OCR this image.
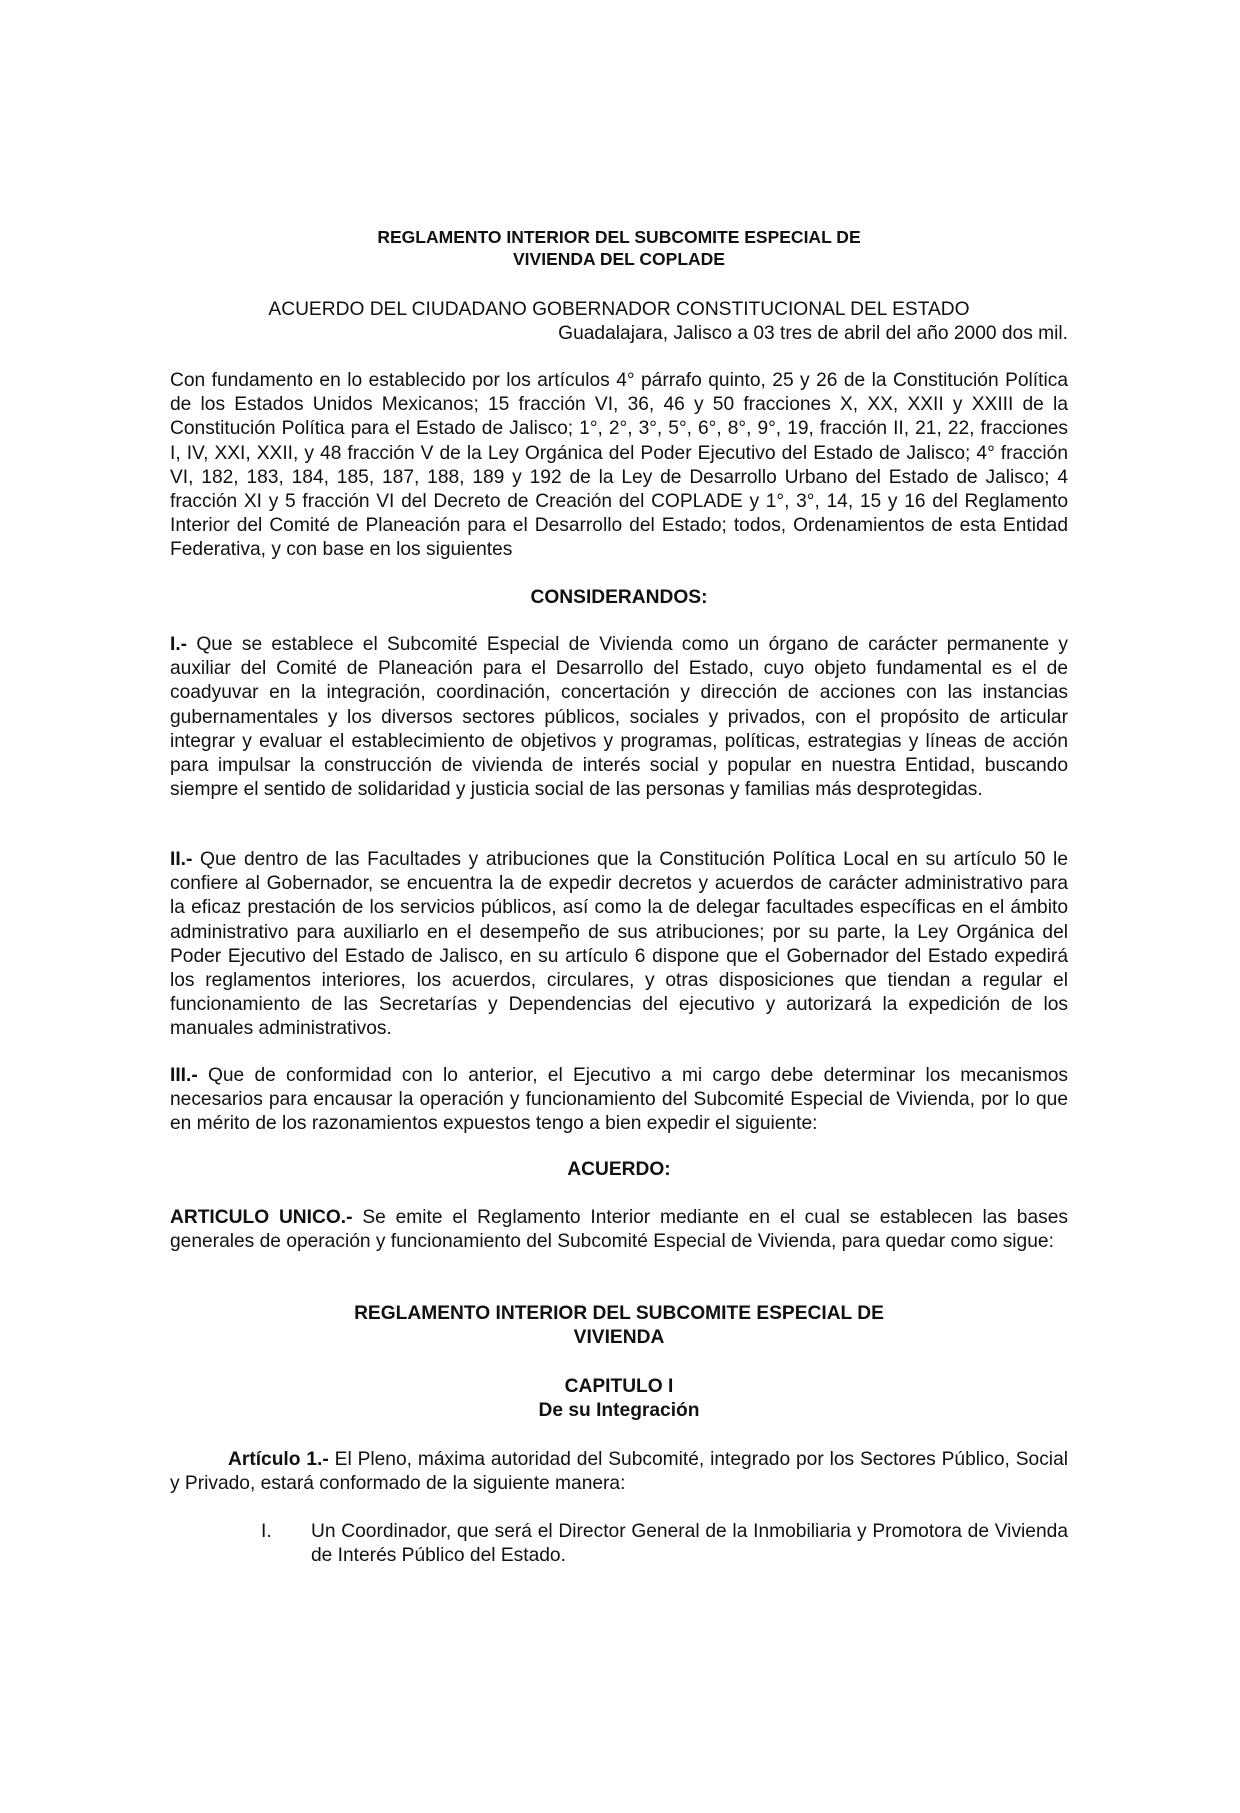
REGLAMENTO INTERIOR DEL SUBCOMITE ESPECIAL DE
VIVIENDA DEL COPLADE
ACUERDO DEL CIUDADANO GOBERNADOR CONSTITUCIONAL DEL ESTADO
Guadalajara, Jalisco a 03 tres de abril del año 2000 dos mil.
Con fundamento en lo establecido por los artículos 4° párrafo quinto, 25 y 26 de la Constitución Política de los Estados Unidos Mexicanos; 15 fracción VI, 36, 46 y 50 fracciones X, XX, XXII y XXIII de la Constitución Política para el Estado de Jalisco; 1°, 2°, 3°, 5°, 6°, 8°, 9°, 19, fracción II, 21, 22, fracciones I, IV, XXI, XXII, y 48 fracción V de la Ley Orgánica del Poder Ejecutivo del Estado de Jalisco; 4° fracción VI, 182, 183, 184, 185, 187, 188, 189 y 192 de la Ley de Desarrollo Urbano del Estado de Jalisco; 4 fracción XI y 5 fracción VI del Decreto de Creación del COPLADE y 1°, 3°, 14, 15 y 16 del Reglamento Interior del Comité de Planeación para el Desarrollo del Estado; todos, Ordenamientos de esta Entidad Federativa, y con base en los siguientes
CONSIDERANDOS:
I.- Que se establece el Subcomité Especial de Vivienda como un órgano de carácter permanente y auxiliar del Comité de Planeación para el Desarrollo del Estado, cuyo objeto fundamental es el de coadyuvar en la integración, coordinación, concertación y dirección de acciones con las instancias gubernamentales y los diversos sectores públicos, sociales y privados, con el propósito de articular integrar y evaluar el establecimiento de objetivos y programas, políticas, estrategias y líneas de acción para impulsar la construcción de vivienda de interés social y popular en nuestra Entidad, buscando siempre el sentido de solidaridad y justicia social de las personas y familias más desprotegidas.
II.- Que dentro de las Facultades y atribuciones que la Constitución Política Local en su artículo 50 le confiere al Gobernador, se encuentra la de expedir decretos y acuerdos de carácter administrativo para la eficaz prestación de los servicios públicos, así como la de delegar facultades específicas en el ámbito administrativo para auxiliarlo en el desempeño de sus atribuciones; por su parte, la Ley Orgánica del Poder Ejecutivo del Estado de Jalisco, en su artículo 6 dispone que el Gobernador del Estado expedirá los reglamentos interiores, los acuerdos, circulares, y otras disposiciones que tiendan a regular el funcionamiento de las Secretarías y Dependencias del ejecutivo y autorizará la expedición de los manuales administrativos.
III.- Que de conformidad con lo anterior, el Ejecutivo a mi cargo debe determinar los mecanismos necesarios para encausar la operación y funcionamiento del Subcomité Especial de Vivienda, por lo que en mérito de los razonamientos expuestos tengo a bien expedir el siguiente:
ACUERDO:
ARTICULO UNICO.- Se emite el Reglamento Interior mediante en el cual se establecen las bases generales de operación y funcionamiento del Subcomité Especial de Vivienda, para quedar como sigue:
REGLAMENTO INTERIOR DEL SUBCOMITE ESPECIAL DE
VIVIENDA
CAPITULO I
De su Integración
Artículo 1.- El Pleno, máxima autoridad del Subcomité, integrado por los Sectores Público, Social y Privado, estará conformado de la siguiente manera:
I. Un Coordinador, que será el Director General de la Inmobiliaria y Promotora de Vivienda de Interés Público del Estado.
